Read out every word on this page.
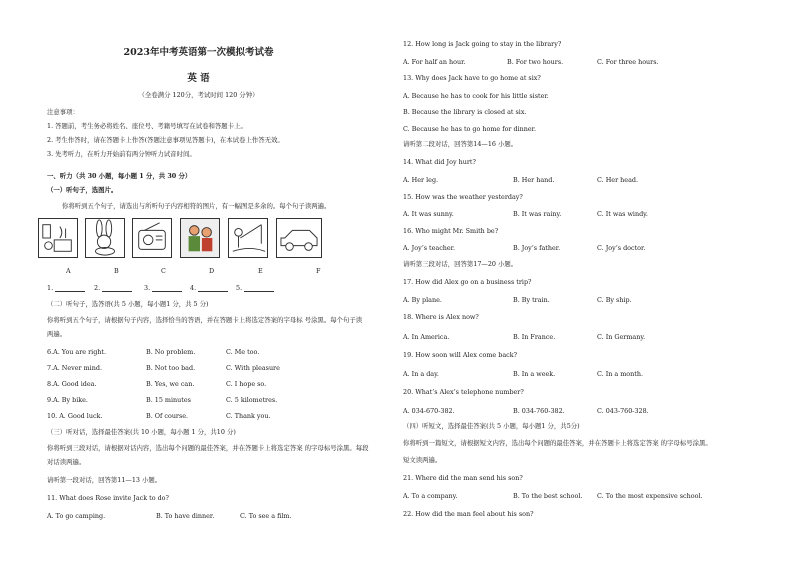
2023年中考英语第一次模拟考试卷
英 语
（全卷满分 120分，考试时间 120 分钟）
注意事项：
1. 答题前，考生务必将姓名、座位号、考籍号填写在试卷和答题卡上。
2. 考生作答时，请在答题卡上作答(答题注意事项见答题卡)，在本试卷上作答无效。
3. 先考听力，在听力开始前有两分钟听力试音时间。
一、听力（共 30 小题，每小题 1 分，共 30 分）
（一）听句子，选图片。
你将听到五个句子，请选出与所听句子内容相符的图片，有一幅图是多余的。每个句子读两遍。
A	B	C	D	E	F
1.	2.	3.	4.	5.
（二）听句子，选答语(共 5 小题，每小题1 分，共 5 分)
你将听到五个句子，请根据句子内容，选择恰当的答语，并在答题卡上将选定答案的字母标 号涂黑。每个句子读
两遍。
6.A. You are right.	B. No problem.	C. Me too.
7.A. Never mind.	B. Not too bad.	C. With pleasure
8.A. Good idea.	B. Yes, we can.	C. I hope so.
9.A. By bike.	B. 15 minutes	C. 5 kilometres.
10. A. Good luck.	B. Of course.	C. Thank you.
（三）听对话，选择最佳答案(共 10 小题，每小题 1 分，共10 分)
你将听到三段对话，请根据对话内容，选出每个问题的最佳答案，并在答题卡上将选定答案 的字母标号涂黑。每段
对话读两遍。
请听第一段对话，回答第11—13 小题。
11. What does Rose invite Jack to do?
A. To go camping.	B. To have dinner.	C. To see a film.
12. How long is Jack going to stay in the library?
A. For half an hour.	B. For two hours.	C. For three hours.
13. Why does Jack have to go home at six?
A. Because he has to cook for his little sister.
B. Because the library is closed at six.
C. Because he has to go home for dinner.
请听第二段对话，回答第14—16 小题。
14. What did Joy hurt?
A. Her leg.	B. Her hand.	C. Her head.
15. How was the weather yesterday?
A. It was sunny.	B. It was rainy.	C. It was windy.
16. Who might Mr. Smith be?
A. Joy’s teacher.	B. Joy’s father.	C. Joy’s doctor.
请听第三段对话，回答第17—20 小题。
17. How did Alex go on a business trip?
A. By plane.	B. By train.	C. By ship.
18. Where is Alex now?
A. In America.	B. In France.	C. In Germany.
19. How soon will Alex come back?
A. In a day.	B. In a week.	C. In a month.
20. What’s Alex’s telephone number?
A. 034-670-382.	B. 034-760-382.	C. 043-760-328.
（四）听短文，选择最佳答案(共 5 小题，每小题1 分，共5分)
你将听到一篇短文，请根据短文内容，选出每个问题的最佳答案，并在答题卡上将选定答案 的字母标号涂黑。
短文读两遍。
21. Where did the man send his son?
A. To a company.	B. To the best school. C. To the most expensive school.
22. How did the man feel about his son?
